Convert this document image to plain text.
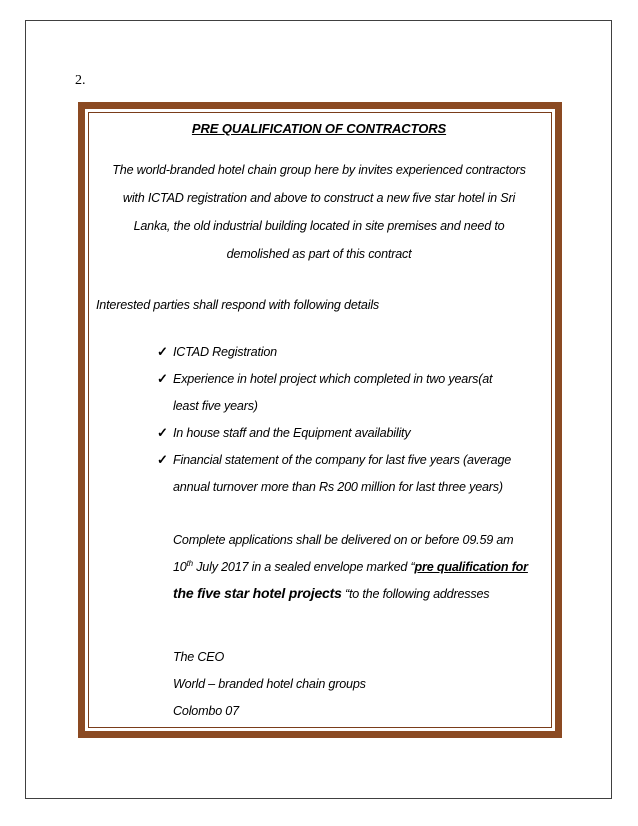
2.
PRE QUALIFICATION OF CONTRACTORS
The world-branded hotel chain group here by invites experienced contractors
with ICTAD registration and above to construct a new five star hotel in Sri
Lanka, the old industrial building located in site premises and need to
demolished as part of this contract
Interested parties shall respond with following details
✓ ICTAD Registration
✓ Experience in hotel project which completed in two years(at
least five years)
✓ In house staff and the Equipment availability
✓ Financial statement of the company for last five years (average
annual turnover more than Rs 200 million for last three years)
Complete applications shall be delivered on or before 09.59 am
10th July 2017 in a sealed envelope marked “pre qualification for
the five star hotel projects “to the following addresses
The CEO
World – branded hotel chain groups
Colombo 07
